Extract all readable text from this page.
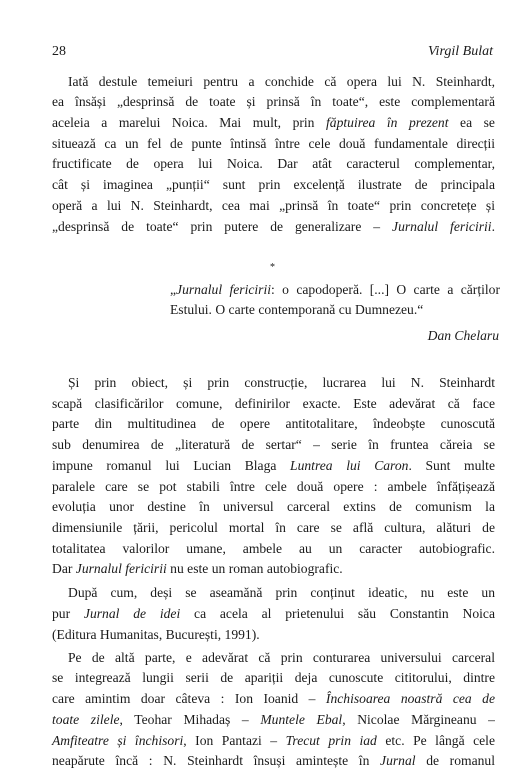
28	Virgil Bulat
Iată destule temeiuri pentru a conchide că opera lui N. Steinhardt,
ea însăși „desprinsă de toate și prinsă în toate“, este complementară
aceleia a marelui Noica. Mai mult, prin făptuirea în prezent ea se
situează ca un fel de punte întinsă între cele două fundamentale direcții
fructificate de opera lui Noica. Dar atât caracterul complementar,
cât și imaginea „punții“ sunt prin excelență ilustrate de principala
operă a lui N. Steinhardt, cea mai „prinsă în toate“ prin concretețe și
„desprinsă de toate“ prin putere de generalizare – Jurnalul fericirii.
*
„Jurnalul fericirii: o capodoperă. [...] O carte a cărților
Estului. O carte contemporană cu Dumnezeu.“
Dan Chelaru
Și prin obiect, și prin construcție, lucrarea lui N. Steinhardt
scapă clasificărilor comune, definirilor exacte. Este adevărat că face
parte din multitudinea de opere antitotalitare, îndeobște cunoscută
sub denumirea de „literatură de sertar“ – serie în fruntea căreia se
impune romanul lui Lucian Blaga Luntrea lui Caron. Sunt multe
paralele care se pot stabili între cele două opere : ambele înfățișează
evoluția unor destine în universul carceral extins de comunism la
dimensiunile țării, pericolul mortal în care se află cultura, alături de
totalitatea valorilor umane, ambele au un caracter autobiografic.
Dar Jurnalul fericirii nu este un roman autobiografic.
După cum, deși se aseamănă prin conținut ideatic, nu este un
pur Jurnal de idei ca acela al prietenului său Constantin Noica
(Editura Humanitas, București, 1991).
Pe de altă parte, e adevărat că prin conturarea universului carceral
se integrează lungii serii de apariții deja cunoscute cititorului, dintre
care amintim doar câteva : Ion Ioanid – Închisoarea noastră cea de
toate zilele, Teohar Mihadaș – Muntele Ebal, Nicolae Mărgineanu –
Amfiteatre și închisori, Ion Pantazi – Trecut prin iad etc. Pe lângă cele
neapărute încă : N. Steinhardt însuși amintește în Jurnal de romanul
